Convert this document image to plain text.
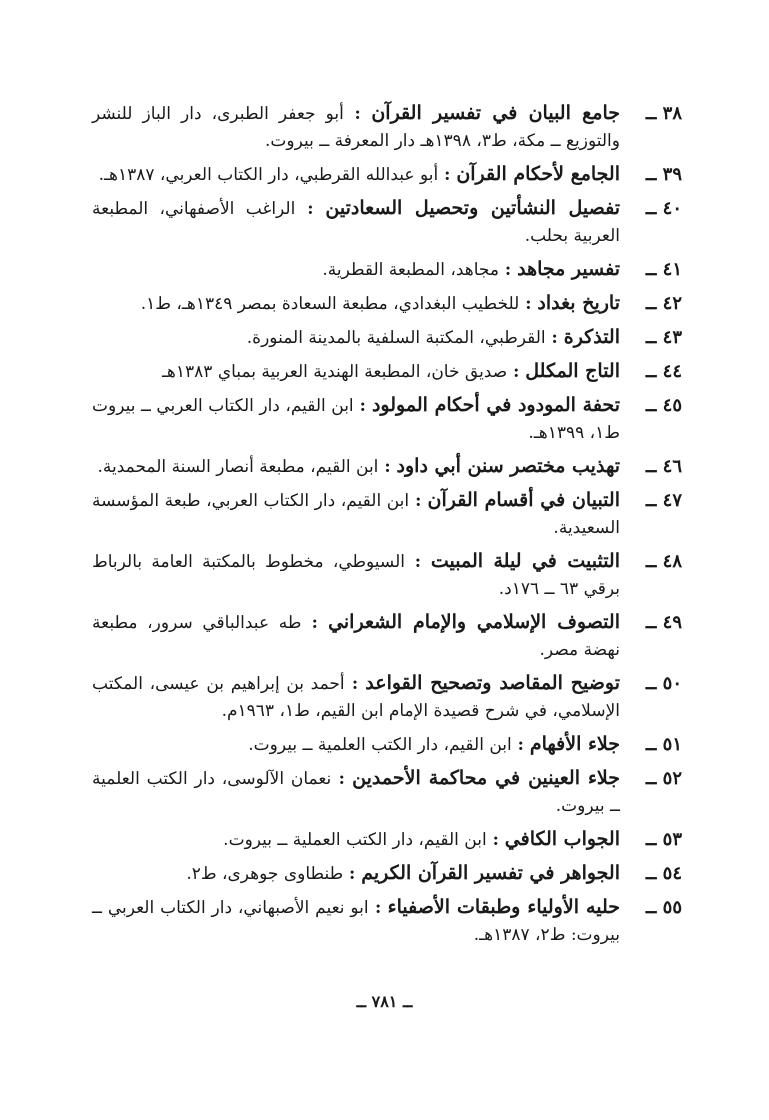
٣٨ ــ
جامع البيان في تفسير القرآن : أبو جعفر الطبرى، دار الباز للنشر والتوزيع ــ مكة، ط٣، ١٣٩٨هـ دار المعرفة ــ بيروت.
٣٩ ــ
الجامع لأحكام القرآن : أبو عبدالله القرطبي، دار الكتاب العربي، ١٣٨٧هـ.
٤٠ ــ
تفصيل النشأتين وتحصيل السعادتين : الراغب الأصفهاني، المطبعة العربية بحلب.
٤١ ــ
تفسير مجاهد : مجاهد، المطبعة القطرية.
٤٢ ــ
تاريخ بغداد : للخطيب البغدادي، مطبعة السعادة بمصر ١٣٤٩هـ، ط١.
٤٣ ــ
التذكرة : القرطبي، المكتبة السلفية بالمدينة المنورة.
٤٤ ــ
التاج المكلل : صديق خان، المطبعة الهندية العربية بمباي ١٣٨٣هـ
٤٥ ــ
تحفة المودود في أحكام المولود : ابن القيم، دار الكتاب العربي ــ بيروت ط١، ١٣٩٩هـ.
٤٦ ــ
تهذيب مختصر سنن أبي داود : ابن القيم، مطبعة أنصار السنة المحمدية.
٤٧ ــ
التبيان في أقسام القرآن : ابن القيم، دار الكتاب العربي، طبعة المؤسسة السعيدية.
٤٨ ــ
التثبيت في ليلة المبيت : السيوطي، مخطوط بالمكتبة العامة بالرباط برقي ٦٣ ــ ١٧٦د.
٤٩ ــ
التصوف الإسلامي والإمام الشعراني : طه عبدالباقي سرور، مطبعة نهضة مصر.
٥٠ ــ
توضيح المقاصد وتصحيح القواعد : أحمد بن إبراهيم بن عيسى، المكتب الإسلامي، في شرح قصيدة الإمام ابن القيم، ط١، ١٩٦٣م.
٥١ ــ
جلاء الأفهام : ابن القيم، دار الكتب العلمية ــ بيروت.
٥٢ ــ
جلاء العينين في محاكمة الأحمدين : نعمان الآلوسى، دار الكتب العلمية ــ بيروت.
٥٣ ــ
الجواب الكافي : ابن القيم، دار الكتب العملية ــ بيروت.
٥٤ ــ
الجواهر في تفسير القرآن الكريم : طنطاوى جوهرى، ط٢.
٥٥ ــ
حليه الأولياء وطبقات الأصفياء : ابو نعيم الأصبهاني، دار الكتاب العربي ــ بيروت: ط٢، ١٣٨٧هـ.
ــ ٧٨١ ــ
